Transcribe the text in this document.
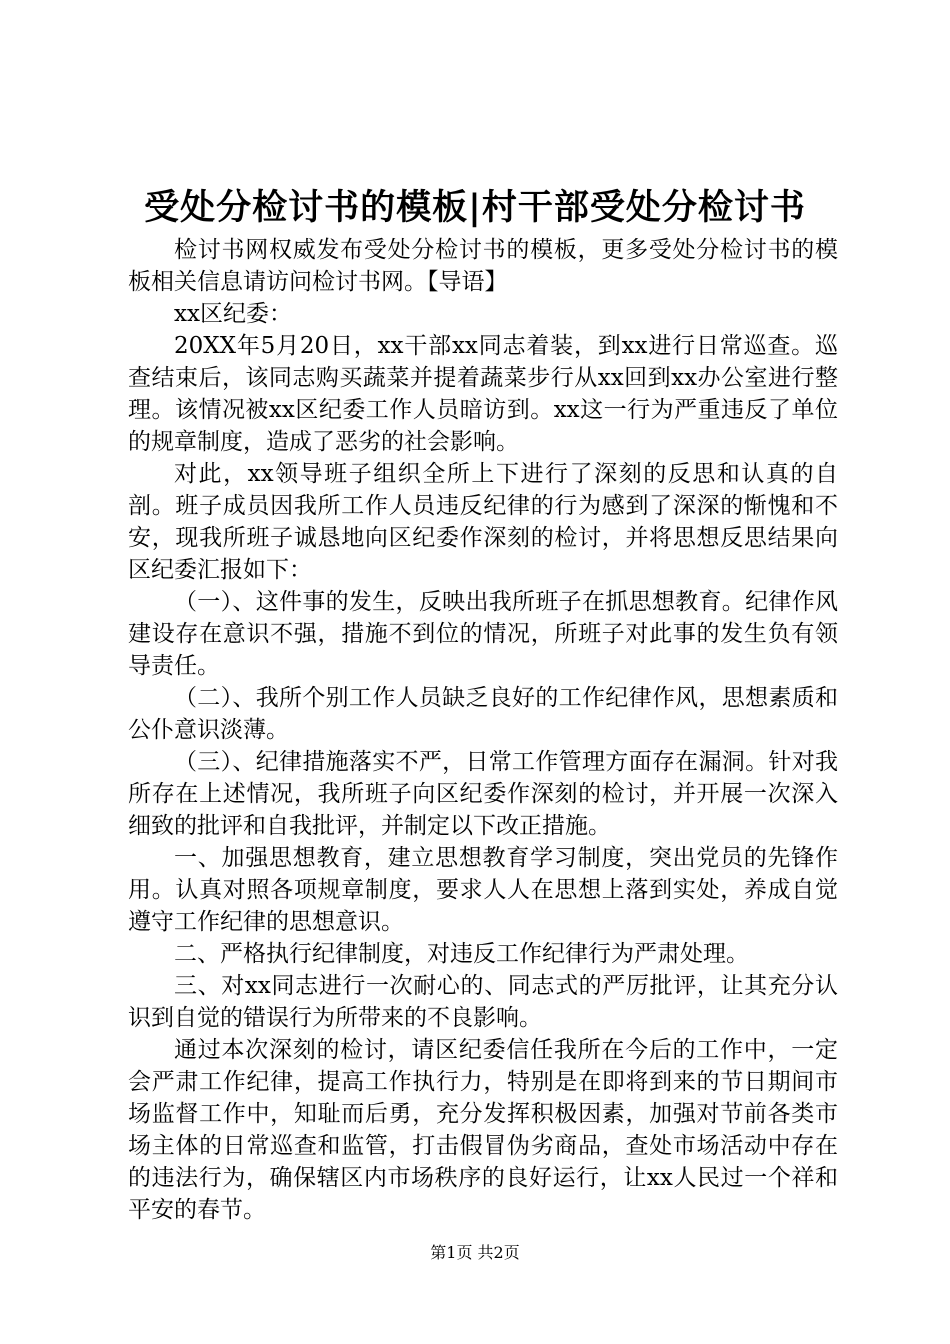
受处分检讨书的模板|村干部受处分检讨书

检讨书网权威发布受处分检讨书的模板，更多受处分检讨书的模板相关信息请访问检讨书网。【导语】

xx区纪委：

20XX年5月20日，xx干部xx同志着装，到xx进行日常巡查。巡查结束后，该同志购买蔬菜并提着蔬菜步行从xx回到xx办公室进行整理。该情况被xx区纪委工作人员暗访到。xx这一行为严重违反了单位的规章制度，造成了恶劣的社会影响。

对此，xx领导班子组织全所上下进行了深刻的反思和认真的自剖。班子成员因我所工作人员违反纪律的行为感到了深深的惭愧和不安，现我所班子诚恳地向区纪委作深刻的检讨，并将思想反思结果向区纪委汇报如下：

（一）、这件事的发生，反映出我所班子在抓思想教育。纪律作风建设存在意识不强，措施不到位的情况，所班子对此事的发生负有领导责任。

（二）、我所个别工作人员缺乏良好的工作纪律作风，思想素质和公仆意识淡薄。

（三）、纪律措施落实不严，日常工作管理方面存在漏洞。针对我所存在上述情况，我所班子向区纪委作深刻的检讨，并开展一次深入细致的批评和自我批评，并制定以下改正措施。

一、加强思想教育，建立思想教育学习制度，突出党员的先锋作用。认真对照各项规章制度，要求人人在思想上落到实处，养成自觉遵守工作纪律的思想意识。

二、严格执行纪律制度，对违反工作纪律行为严肃处理。

三、对xx同志进行一次耐心的、同志式的严厉批评，让其充分认识到自觉的错误行为所带来的不良影响。

通过本次深刻的检讨，请区纪委信任我所在今后的工作中，一定会严肃工作纪律，提高工作执行力，特别是在即将到来的节日期间市场监督工作中，知耻而后勇，充分发挥积极因素，加强对节前各类市场主体的日常巡查和监管，打击假冒伪劣商品，查处市场活动中存在的违法行为，确保辖区内市场秩序的良好运行，让xx人民过一个祥和平安的春节。

第1页 共2页
